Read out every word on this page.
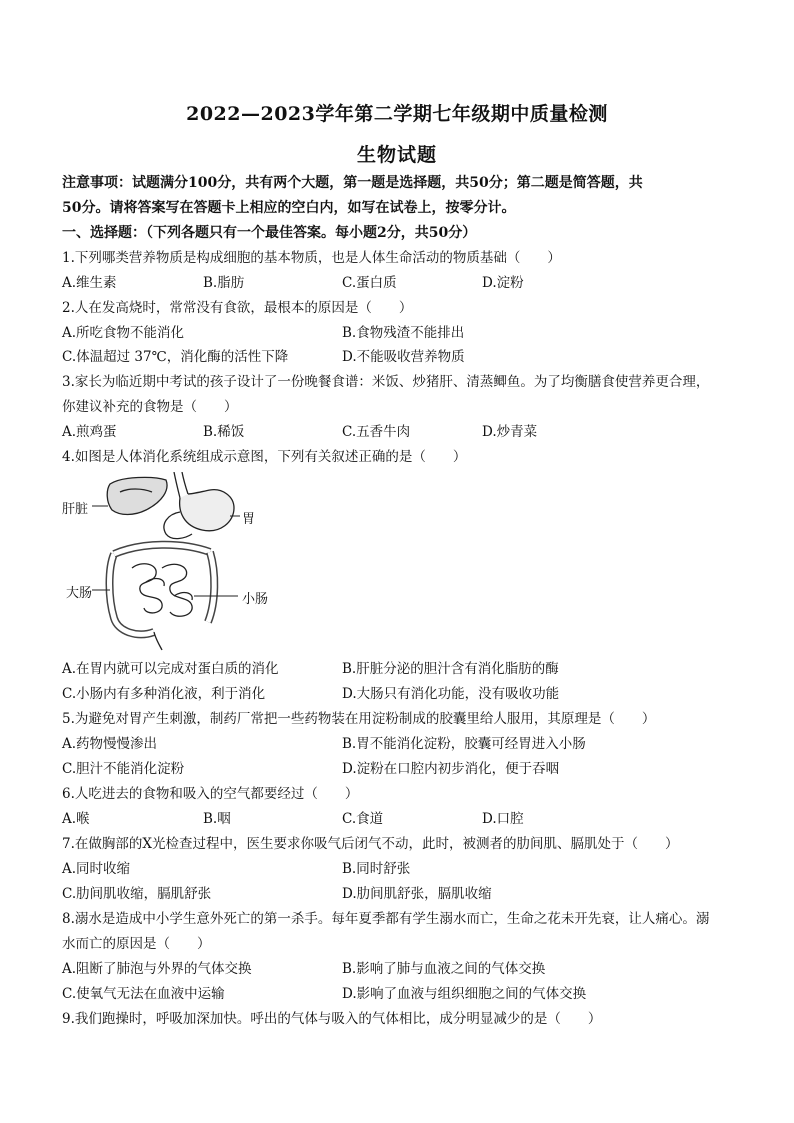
2022—2023学年第二学期七年级期中质量检测
生物试题
注意事项：试题满分100分，共有两个大题，第一题是选择题，共50分；第二题是简答题，共
50分。请将答案写在答题卡上相应的空白内，如写在试卷上，按零分计。
一、选择题：（下列各题只有一个最佳答案。每小题2分，共50分）
1.下列哪类营养物质是构成细胞的基本物质，也是人体生命活动的物质基础（　　）
A.维生素	B.脂肪	C.蛋白质	D.淀粉
2.人在发高烧时，常常没有食欲，最根本的原因是（　　）
A.所吃食物不能消化	B.食物残渣不能排出
C.体温超过 37℃，消化酶的活性下降	D.不能吸收营养物质
3.家长为临近期中考试的孩子设计了一份晚餐食谱：米饭、炒猪肝、清蒸鲫鱼。为了均衡膳食使营养更合理，
你建议补充的食物是（　　）
A.煎鸡蛋	B.稀饭	C.五香牛肉	D.炒青菜
4.如图是人体消化系统组成示意图，下列有关叙述正确的是（　　）
肝脏
胃
大肠	小肠
A.在胃内就可以完成对蛋白质的消化	B.肝脏分泌的胆汁含有消化脂肪的酶
C.小肠内有多种消化液，利于消化	D.大肠只有消化功能，没有吸收功能
5.为避免对胃产生刺激，制药厂常把一些药物装在用淀粉制成的胶囊里给人服用，其原理是（　　）
A.药物慢慢渗出	B.胃不能消化淀粉，胶囊可经胃进入小肠
C.胆汁不能消化淀粉	D.淀粉在口腔内初步消化，便于吞咽
6.人吃进去的食物和吸入的空气都要经过（　　）
A.喉	B.咽	C.食道	D.口腔
7.在做胸部的X光检查过程中，医生要求你吸气后闭气不动，此时，被测者的肋间肌、膈肌处于（　　）
A.同时收缩	B.同时舒张
C.肋间肌收缩，膈肌舒张	D.肋间肌舒张，膈肌收缩
8.溺水是造成中小学生意外死亡的第一杀手。每年夏季都有学生溺水而亡，生命之花未开先衰，让人痛心。溺
水而亡的原因是（　　）
A.阻断了肺泡与外界的气体交换	B.影响了肺与血液之间的气体交换
C.使氧气无法在血液中运输	D.影响了血液与组织细胞之间的气体交换
9.我们跑操时，呼吸加深加快。呼出的气体与吸入的气体相比，成分明显减少的是（　　）
